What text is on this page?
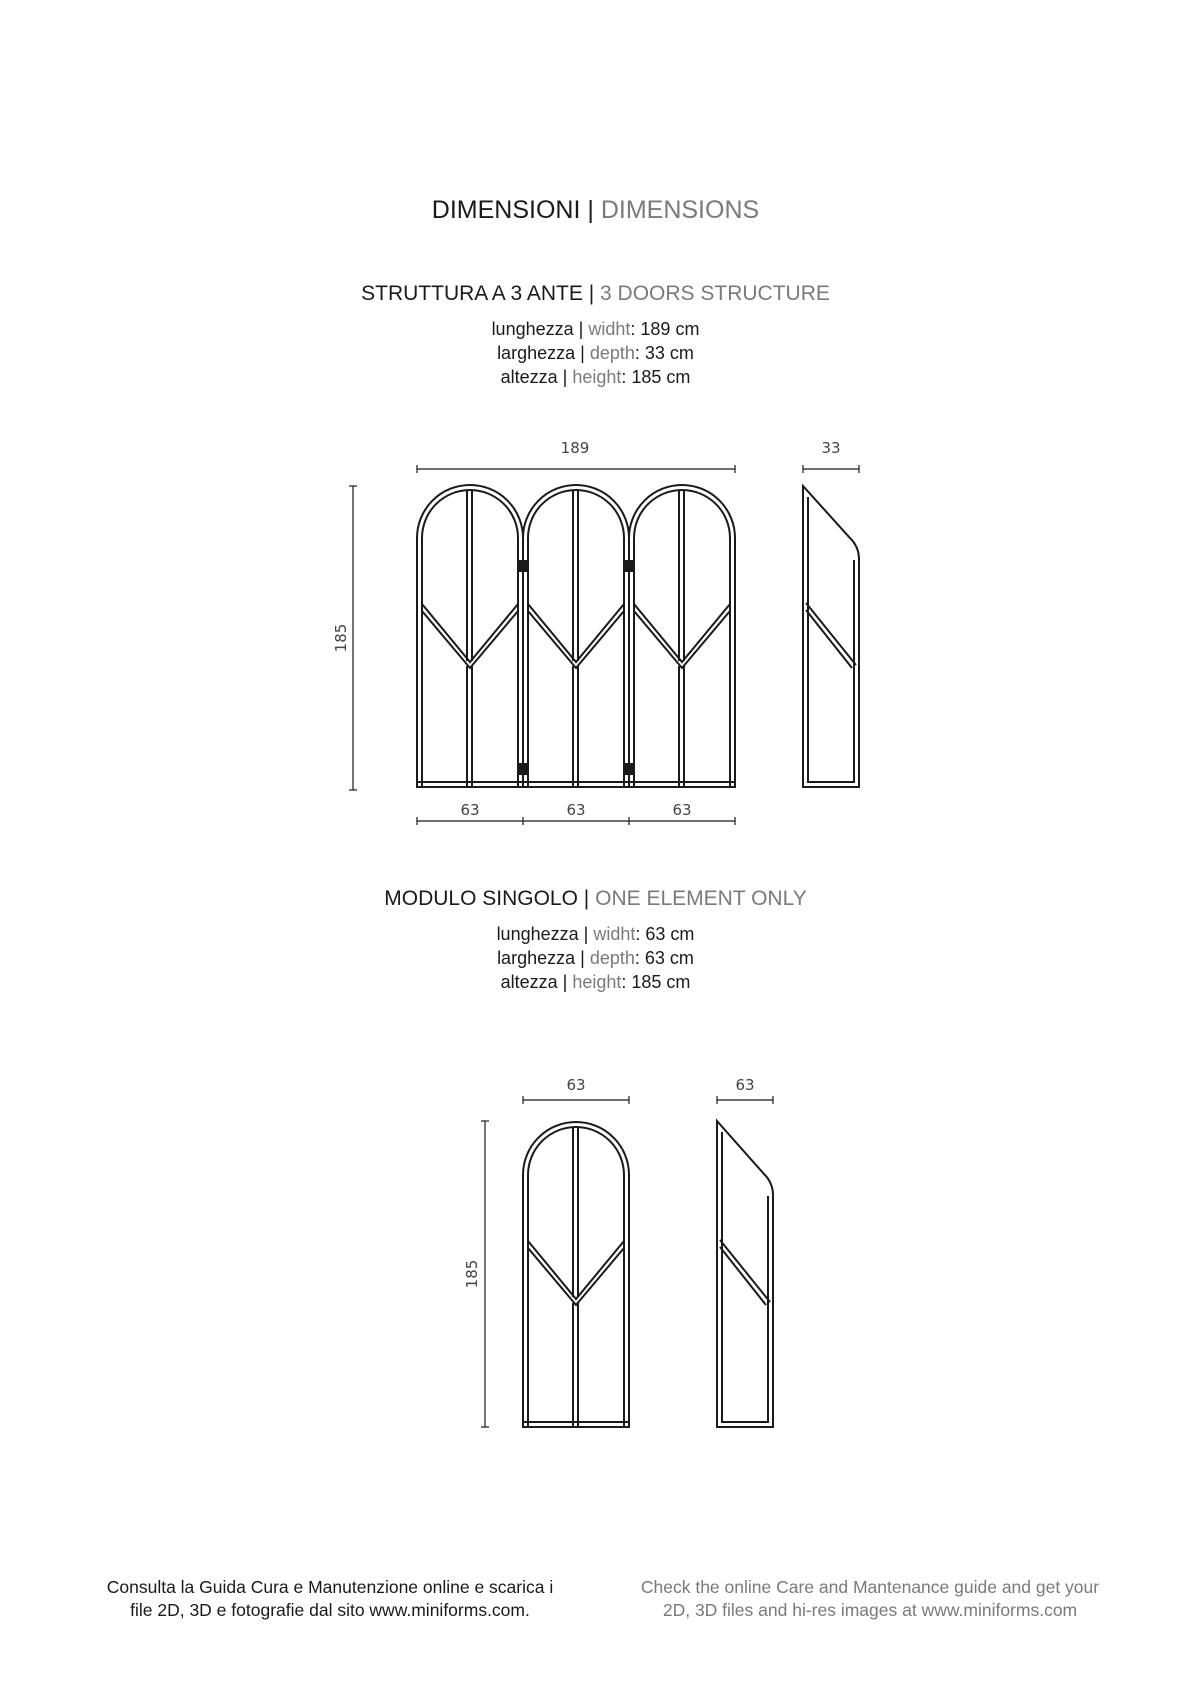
DIMENSIONI | DIMENSIONS
STRUTTURA A 3 ANTE | 3 DOORS STRUCTURE
lunghezza | widht: 189 cm
larghezza | depth: 33 cm
altezza | height: 185 cm
MODULO SINGOLO | ONE ELEMENT ONLY
lunghezza | widht: 63 cm
larghezza | depth: 63 cm
altezza | height: 185 cm
189	33
185
63	63	63
63	63
185
Consulta la Guida Cura e Manutenzione online e scarica i
file 2D, 3D e fotografie dal sito www.miniforms.com.
Check the online Care and Mantenance guide and get your
2D, 3D files and hi-res images at www.miniforms.com
